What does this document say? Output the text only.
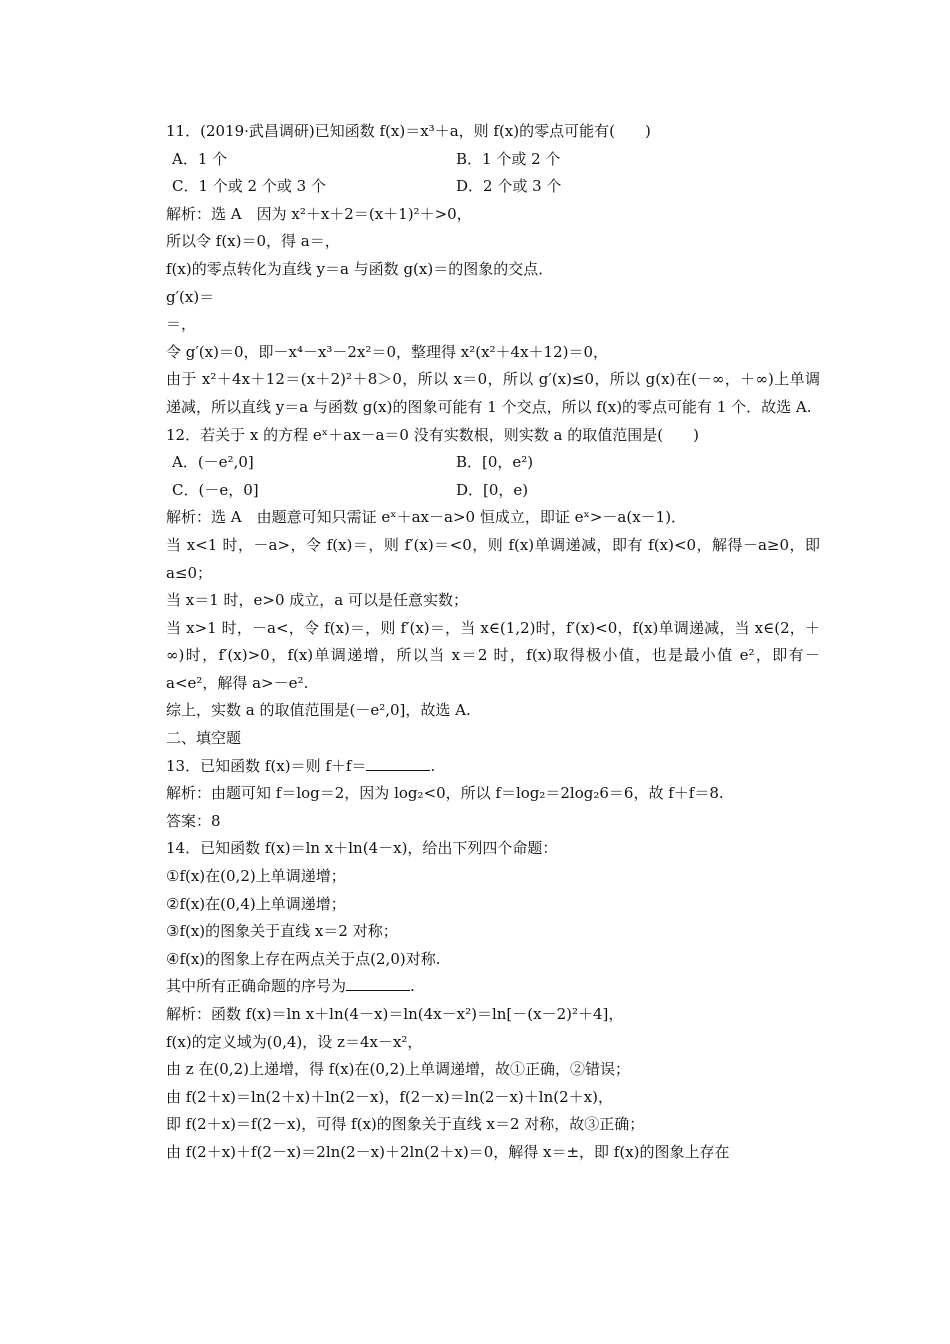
11．(2019·武昌调研)已知函数 f(x)＝x³＋a，则 f(x)的零点可能有(　　)
A．1 个	B．1 个或 2 个
C．1 个或 2 个或 3 个	D．2 个或 3 个
解析：选 A　因为 x²＋x＋2＝(x＋1)²＋>0，
所以令 f(x)＝0，得 a＝，
f(x)的零点转化为直线 y＝a 与函数 g(x)＝的图象的交点．
g′(x)＝
＝，
令 g′(x)＝0，即－x⁴－x³－2x²＝0，整理得 x²(x²＋4x＋12)＝0，
由于 x²＋4x＋12＝(x＋2)²＋8＞0，所以 x＝0，所以 g′(x)≤0，所以 g(x)在(－∞，＋∞)上单调递减，所以直线 y＝a 与函数 g(x)的图象可能有 1 个交点，所以 f(x)的零点可能有 1 个．故选 A.
12．若关于 x 的方程 eˣ＋ax－a＝0 没有实数根，则实数 a 的取值范围是(　　)
A．(－e²,0]	B．[0，e²)
C．(－e，0]	D．[0，e)
解析：选 A　由题意可知只需证 eˣ＋ax－a>0 恒成立，即证 eˣ>－a(x－1)．
当 x<1 时，－a>，令 f(x)＝，则 f′(x)＝<0，则 f(x)单调递减，即有 f(x)<0，解得－a≥0，即 a≤0；
当 x＝1 时，e>0 成立，a 可以是任意实数；
当 x>1 时，－a<，令 f(x)＝，则 f′(x)＝，当 x∈(1,2)时，f′(x)<0，f(x)单调递减，当 x∈(2，＋∞)时，f′(x)>0，f(x)单调递增，所以当 x＝2 时，f(x)取得极小值，也是最小值 e²，即有－a<e²，解得 a>－e².
综上，实数 a 的取值范围是(－e²,0]，故选 A.
二、填空题
13．已知函数 f(x)＝则 f＋f＝	.
解析：由题可知 f＝log＝2，因为 log₂<0，所以 f＝log₂＝2log₂6＝6，故 f＋f＝8.
答案：8
14．已知函数 f(x)＝ln x＋ln(4－x)，给出下列四个命题：
①f(x)在(0,2)上单调递增；
②f(x)在(0,4)上单调递增；
③f(x)的图象关于直线 x＝2 对称；
④f(x)的图象上存在两点关于点(2,0)对称.
其中所有正确命题的序号为	.
解析：函数 f(x)＝ln x＋ln(4－x)＝ln(4x－x²)＝ln[－(x－2)²＋4]，
f(x)的定义域为(0,4)，设 z＝4x－x²，
由 z 在(0,2)上递增，得 f(x)在(0,2)上单调递增，故①正确，②错误；
由 f(2＋x)＝ln(2＋x)＋ln(2－x)，f(2－x)＝ln(2－x)＋ln(2＋x)，
即 f(2＋x)＝f(2－x)，可得 f(x)的图象关于直线 x＝2 对称，故③正确；
由 f(2＋x)＋f(2－x)＝2ln(2－x)＋2ln(2＋x)＝0，解得 x＝±，即 f(x)的图象上存在
